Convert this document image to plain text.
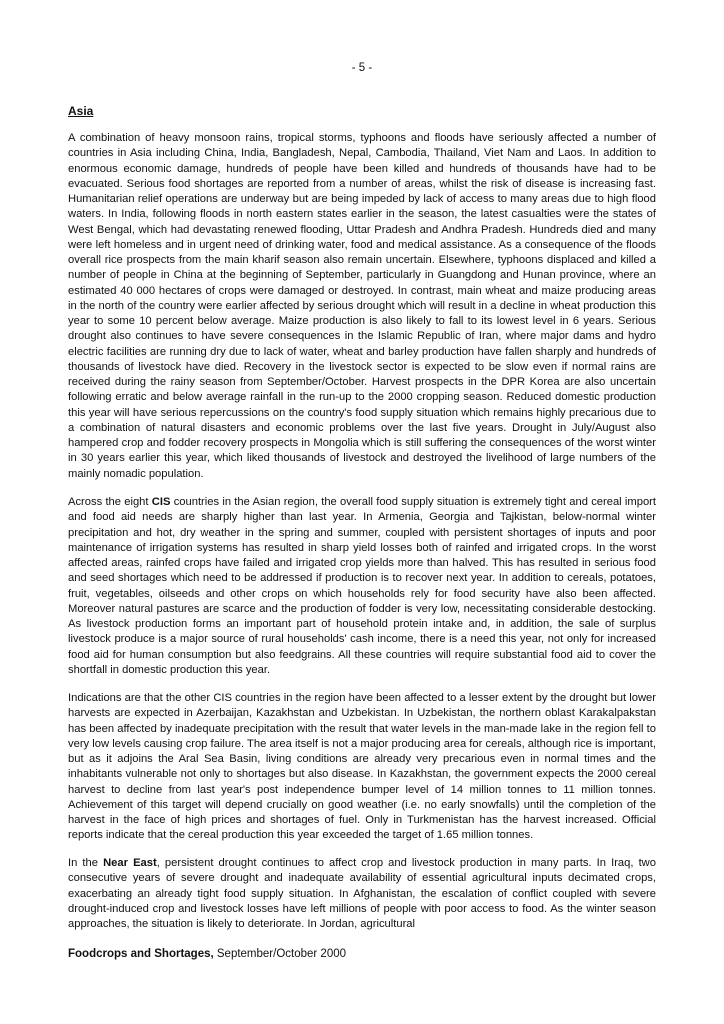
- 5 -
Asia

A combination of heavy monsoon rains, tropical storms, typhoons and floods have seriously affected a number of countries in Asia including China, India, Bangladesh, Nepal, Cambodia, Thailand, Viet Nam and Laos. In addition to enormous economic damage, hundreds of people have been killed and hundreds of thousands have had to be evacuated. Serious food shortages are reported from a number of areas, whilst the risk of disease is increasing fast. Humanitarian relief operations are underway but are being impeded by lack of access to many areas due to high flood waters. In India, following floods in north eastern states earlier in the season, the latest casualties were the states of West Bengal, which had devastating renewed flooding, Uttar Pradesh and Andhra Pradesh. Hundreds died and many were left homeless and in urgent need of drinking water, food and medical assistance. As a consequence of the floods overall rice prospects from the main kharif season also remain uncertain. Elsewhere, typhoons displaced and killed a number of people in China at the beginning of September, particularly in Guangdong and Hunan province, where an estimated 40 000 hectares of crops were damaged or destroyed. In contrast, main wheat and maize producing areas in the north of the country were earlier affected by serious drought which will result in a decline in wheat production this year to some 10 percent below average. Maize production is also likely to fall to its lowest level in 6 years. Serious drought also continues to have severe consequences in the Islamic Republic of Iran, where major dams and hydro electric facilities are running dry due to lack of water, wheat and barley production have fallen sharply and hundreds of thousands of livestock have died. Recovery in the livestock sector is expected to be slow even if normal rains are received during the rainy season from September/October. Harvest prospects in the DPR Korea are also uncertain following erratic and below average rainfall in the run-up to the 2000 cropping season. Reduced domestic production this year will have serious repercussions on the country's food supply situation which remains highly precarious due to a combination of natural disasters and economic problems over the last five years. Drought in July/August also hampered crop and fodder recovery prospects in Mongolia which is still suffering the consequences of the worst winter in 30 years earlier this year, which liked thousands of livestock and destroyed the livelihood of large numbers of the mainly nomadic population.

Across the eight CIS countries in the Asian region, the overall food supply situation is extremely tight and cereal import and food aid needs are sharply higher than last year. In Armenia, Georgia and Tajkistan, below-normal winter precipitation and hot, dry weather in the spring and summer, coupled with persistent shortages of inputs and poor maintenance of irrigation systems has resulted in sharp yield losses both of rainfed and irrigated crops. In the worst affected areas, rainfed crops have failed and irrigated crop yields more than halved. This has resulted in serious food and seed shortages which need to be addressed if production is to recover next year. In addition to cereals, potatoes, fruit, vegetables, oilseeds and other crops on which households rely for food security have also been affected. Moreover natural pastures are scarce and the production of fodder is very low, necessitating considerable destocking. As livestock production forms an important part of household protein intake and, in addition, the sale of surplus livestock produce is a major source of rural households' cash income, there is a need this year, not only for increased food aid for human consumption but also feedgrains. All these countries will require substantial food aid to cover the shortfall in domestic production this year.

Indications are that the other CIS countries in the region have been affected to a lesser extent by the drought but lower harvests are expected in Azerbaijan, Kazakhstan and Uzbekistan. In Uzbekistan, the northern oblast Karakalpakstan has been affected by inadequate precipitation with the result that water levels in the man-made lake in the region fell to very low levels causing crop failure. The area itself is not a major producing area for cereals, although rice is important, but as it adjoins the Aral Sea Basin, living conditions are already very precarious even in normal times and the inhabitants vulnerable not only to shortages but also disease. In Kazakhstan, the government expects the 2000 cereal harvest to decline from last year's post independence bumper level of 14 million tonnes to 11 million tonnes. Achievement of this target will depend crucially on good weather (i.e. no early snowfalls) until the completion of the harvest in the face of high prices and shortages of fuel. Only in Turkmenistan has the harvest increased. Official reports indicate that the cereal production this year exceeded the target of 1.65 million tonnes.

In the Near East, persistent drought continues to affect crop and livestock production in many parts. In Iraq, two consecutive years of severe drought and inadequate availability of essential agricultural inputs decimated crops, exacerbating an already tight food supply situation. In Afghanistan, the escalation of conflict coupled with severe drought-induced crop and livestock losses have left millions of people with poor access to food. As the winter season approaches, the situation is likely to deteriorate. In Jordan, agricultural

Foodcrops and Shortages, September/October 2000
